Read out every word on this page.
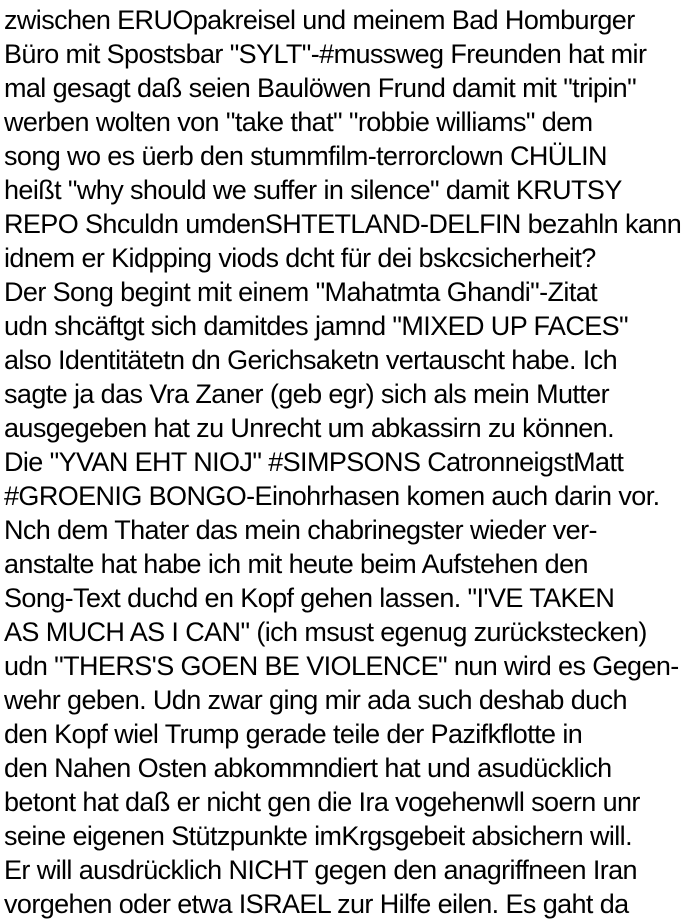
zwischen ERUOpakreisel und meinem Bad Homburger
Büro mit Spostsbar "SYLT"-#mussweg Freunden hat mir
mal gesagt daß seien Baulöwen Frund damit mit "tripin"
werben wolten von "take that" "robbie williams" dem
song wo es üerb den stummfilm-terrorclown CHÜLIN
heißt "why should we suffer in silence" damit KRUTSY
REPO Shculdn umdenSHTETLAND-DELFIN bezahln kann
idnem er Kidpping viods dcht für dei bskcsicherheit?
Der Song begint mit einem "Mahatmta Ghandi"-Zitat
udn shcäftgt sich damitdes jamnd "MIXED UP FACES"
also Identitätetn dn Gerichsaketn vertauscht habe. Ich
sagte ja das Vra Zaner (geb egr) sich als mein Mutter
ausgegeben hat zu Unrecht um abkassirn zu können.
Die "YVAN EHT NIOJ" #SIMPSONS CatronneigstMatt
#GROENIG BONGO-Einohrhasen komen auch darin vor.
Nch dem Thater das mein chabrinegster wieder ver-
anstalte hat habe ich mit heute beim Aufstehen den
Song-Text duchd en Kopf gehen lassen. "I'VE TAKEN
AS MUCH AS I CAN" (ich msust egenug zurückstecken)
udn "THERS'S GOEN BE VIOLENCE" nun wird es Gegen-
wehr geben. Udn zwar ging mir ada such deshab duch
den Kopf wiel Trump gerade teile der Pazifkflotte in
den Nahen Osten abkommndiert hat und asudücklich
betont hat daß er nicht gen die Ira vogehenwll soern unr
seine eigenen Stützpunkte imKrgsgebeit absichern will.
Er will ausdrücklich NICHT gegen den anagriffneen Iran
vorgehen oder etwa ISRAEL zur Hilfe eilen. Es gaht da
